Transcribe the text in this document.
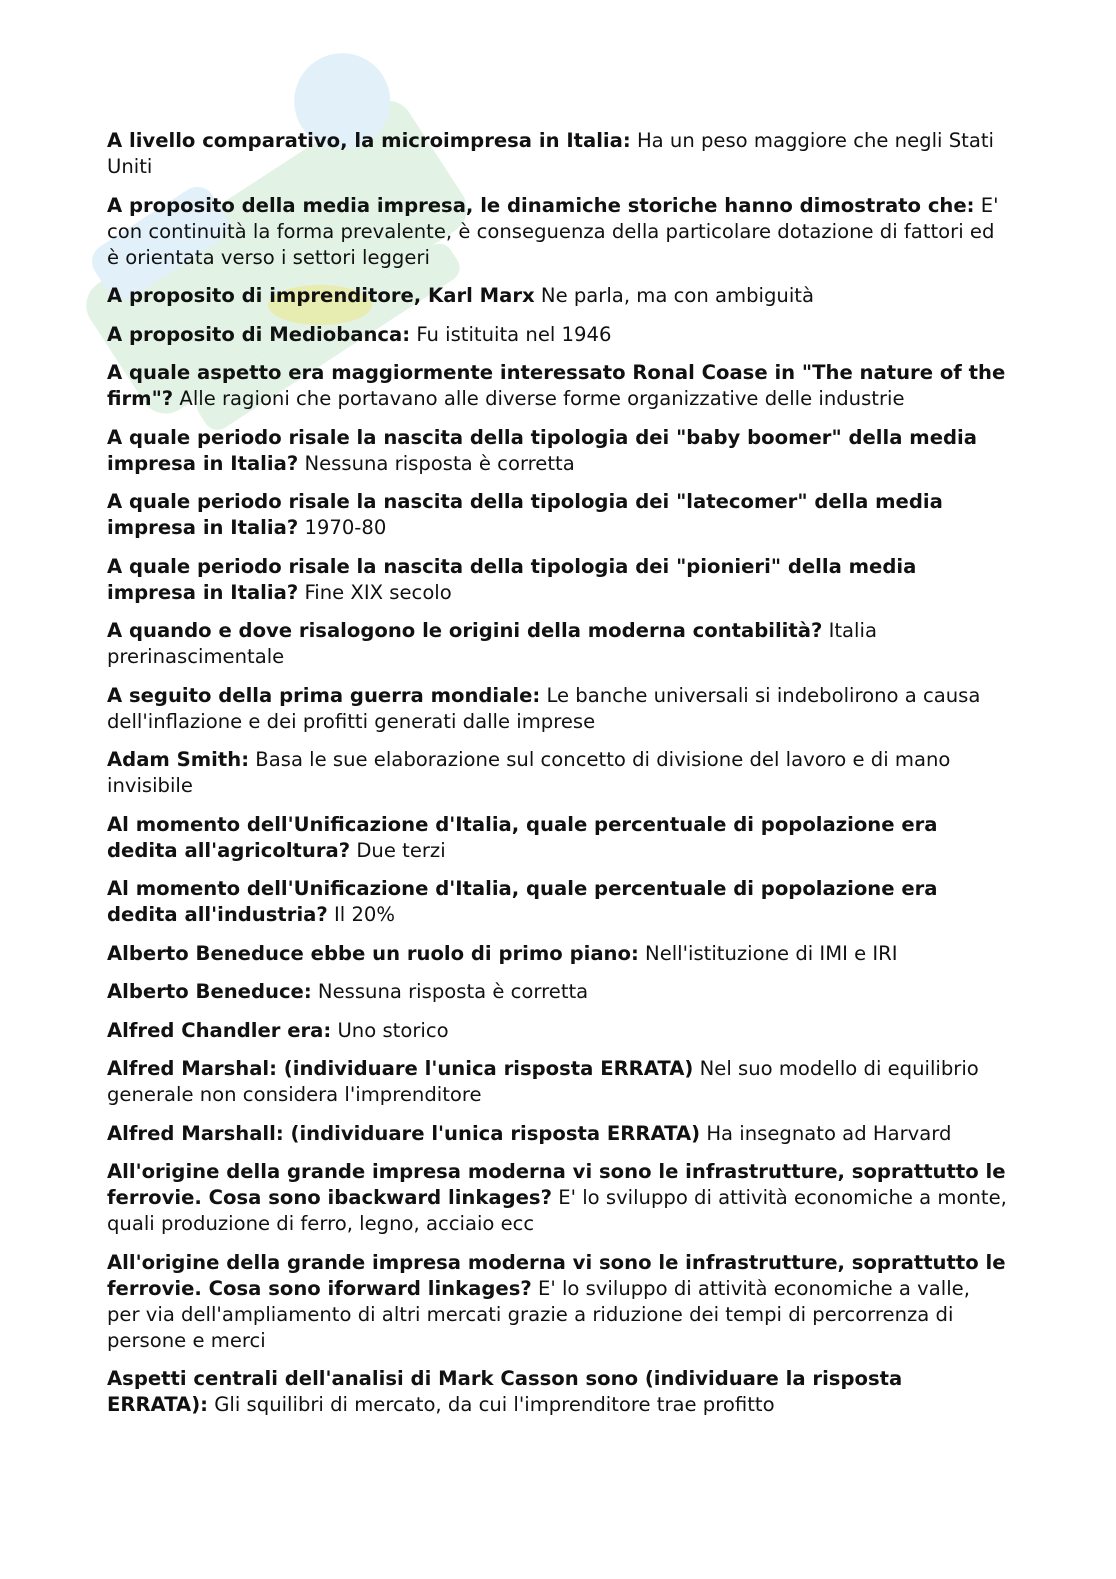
A livello comparativo, la microimpresa in Italia: Ha un peso maggiore che negli Stati Uniti

A proposito della media impresa, le dinamiche storiche hanno dimostrato che: E' con continuità la forma prevalente, è conseguenza della particolare dotazione di fattori ed è orientata verso i settori leggeri

A proposito di imprenditore, Karl Marx Ne parla, ma con ambiguità

A proposito di Mediobanca: Fu istituita nel 1946

A quale aspetto era maggiormente interessato Ronal Coase in "The nature of the firm"? Alle ragioni che portavano alle diverse forme organizzative delle industrie

A quale periodo risale la nascita della tipologia dei "baby boomer" della media impresa in Italia? Nessuna risposta è corretta

A quale periodo risale la nascita della tipologia dei "latecomer" della media impresa in Italia? 1970-80

A quale periodo risale la nascita della tipologia dei "pionieri" della media impresa in Italia? Fine XIX secolo

A quando e dove risalogono le origini della moderna contabilità? Italia prerinascimentale

A seguito della prima guerra mondiale: Le banche universali si indebolirono a causa dell'inflazione e dei profitti generati dalle imprese

Adam Smith: Basa le sue elaborazione sul concetto di divisione del lavoro e di mano invisibile

Al momento dell'Unificazione d'Italia, quale percentuale di popolazione era dedita all'agricoltura? Due terzi

Al momento dell'Unificazione d'Italia, quale percentuale di popolazione era dedita all'industria? Il 20%

Alberto Beneduce ebbe un ruolo di primo piano: Nell'istituzione di IMI e IRI

Alberto Beneduce: Nessuna risposta è corretta

Alfred Chandler era: Uno storico

Alfred Marshal: (individuare l'unica risposta ERRATA) Nel suo modello di equilibrio generale non considera l'imprenditore

Alfred Marshall: (individuare l'unica risposta ERRATA) Ha insegnato ad Harvard

All'origine della grande impresa moderna vi sono le infrastrutture, soprattutto le ferrovie. Cosa sono ibackward linkages? E' lo sviluppo di attività economiche a monte, quali produzione di ferro, legno, acciaio ecc

All'origine della grande impresa moderna vi sono le infrastrutture, soprattutto le ferrovie. Cosa sono iforward linkages? E' lo sviluppo di attività economiche a valle, per via dell'ampliamento di altri mercati grazie a riduzione dei tempi di percorrenza di persone e merci

Aspetti centrali dell'analisi di Mark Casson sono (individuare la risposta ERRATA): Gli squilibri di mercato, da cui l'imprenditore trae profitto
